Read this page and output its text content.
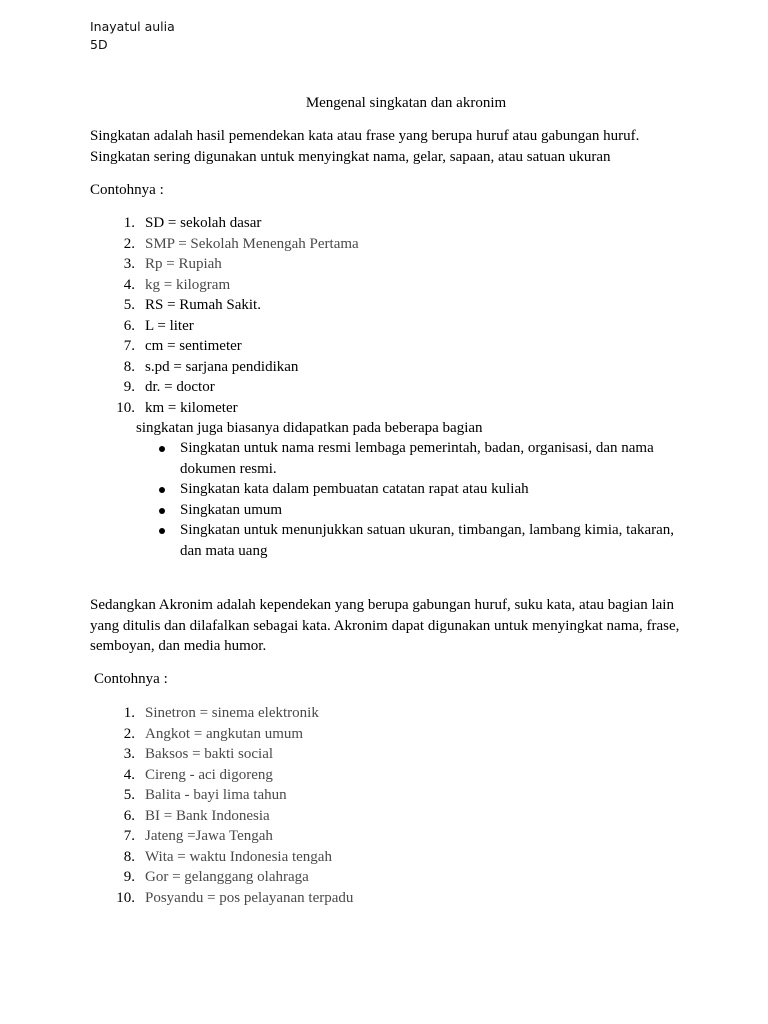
Inayatul aulia
5D
Mengenal singkatan dan akronim
Singkatan adalah hasil pemendekan kata atau frase yang berupa huruf atau gabungan huruf. Singkatan sering digunakan untuk menyingkat nama, gelar, sapaan, atau satuan ukuran
Contohnya :
1. SD = sekolah dasar
2. SMP = Sekolah Menengah Pertama
3. Rp = Rupiah
4. kg = kilogram
5. RS = Rumah Sakit.
6. L = liter
7. cm = sentimeter
8. s.pd = sarjana pendidikan
9. dr. = doctor
10. km = kilometer
singkatan juga biasanya didapatkan pada beberapa bagian
Singkatan untuk nama resmi lembaga pemerintah, badan, organisasi, dan nama dokumen resmi.
Singkatan kata dalam pembuatan catatan rapat atau kuliah
Singkatan umum
Singkatan untuk menunjukkan satuan ukuran, timbangan, lambang kimia, takaran, dan mata uang
Sedangkan Akronim adalah kependekan yang berupa gabungan huruf, suku kata, atau bagian lain yang ditulis dan dilafalkan sebagai kata. Akronim dapat digunakan untuk menyingkat nama, frase, semboyan, dan media humor.
Contohnya :
1. Sinetron = sinema elektronik
2. Angkot = angkutan umum
3. Baksos = bakti social
4. Cireng - aci digoreng
5. Balita - bayi lima tahun
6. BI = Bank Indonesia
7. Jateng =Jawa Tengah
8. Wita = waktu Indonesia tengah
9. Gor = gelanggang olahraga
10. Posyandu = pos pelayanan terpadu
